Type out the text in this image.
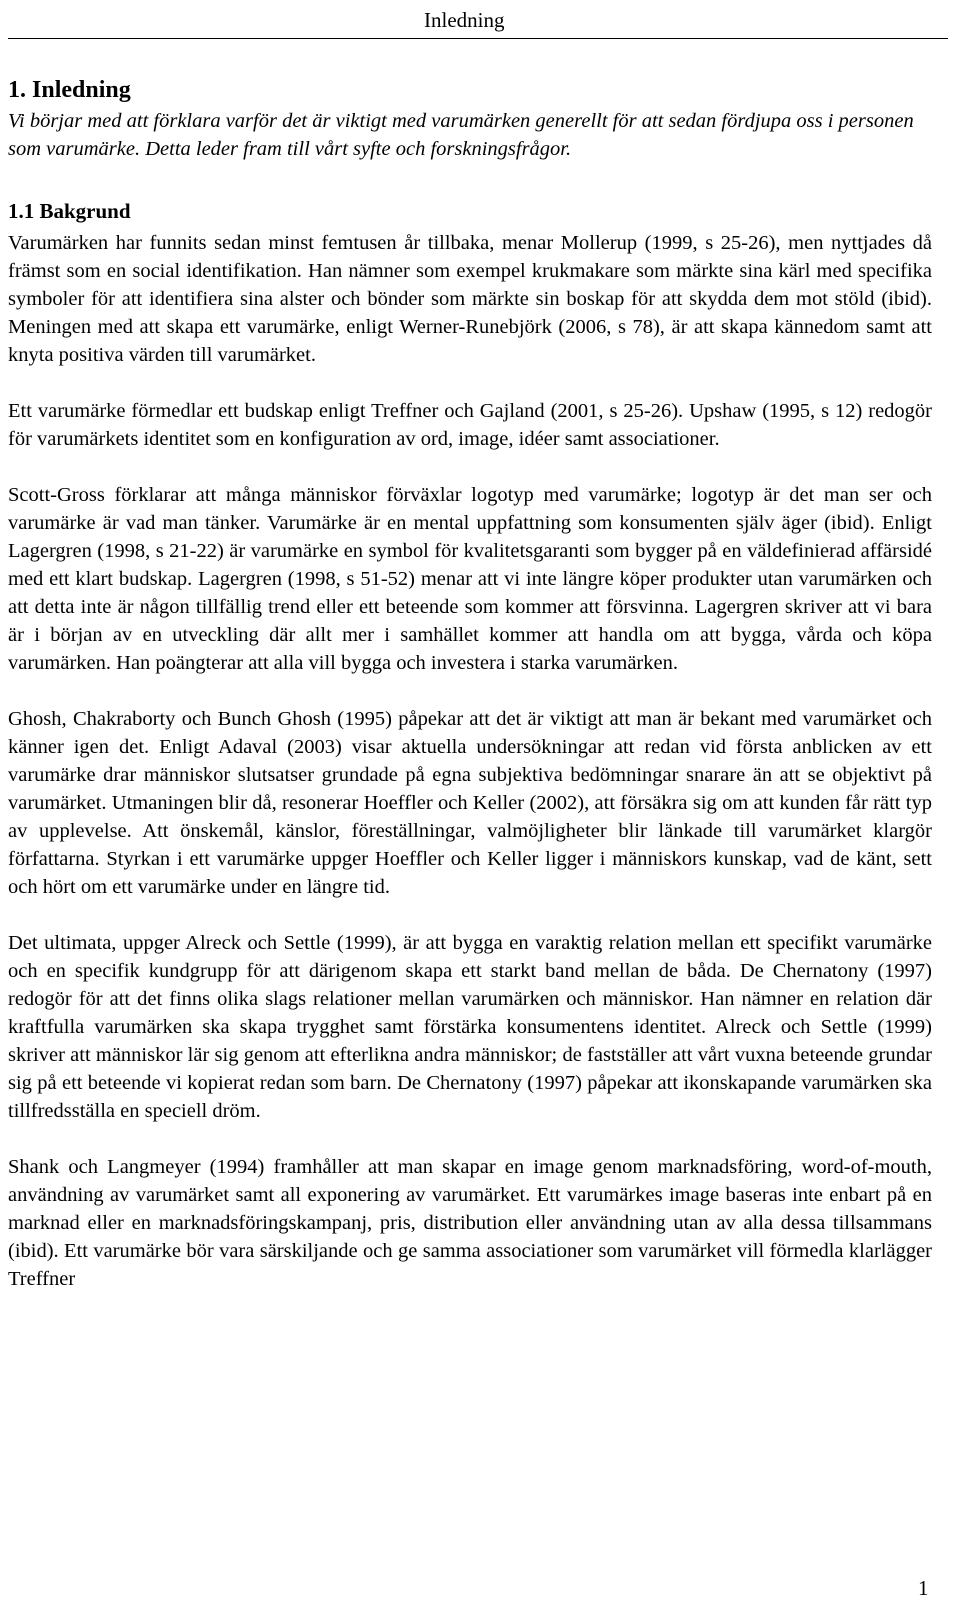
Inledning
1. Inledning

Vi börjar med att förklara varför det är viktigt med varumärken generellt för att sedan fördjupa oss i personen som varumärke. Detta leder fram till vårt syfte och forskningsfrågor.

1.1 Bakgrund

Varumärken har funnits sedan minst femtusen år tillbaka, menar Mollerup (1999, s 25-26), men nyttjades då främst som en social identifikation. Han nämner som exempel krukmakare som märkte sina kärl med specifika symboler för att identifiera sina alster och bönder som märkte sin boskap för att skydda dem mot stöld (ibid). Meningen med att skapa ett varumärke, enligt Werner-Runebjörk (2006, s 78), är att skapa kännedom samt att knyta positiva värden till varumärket.

Ett varumärke förmedlar ett budskap enligt Treffner och Gajland (2001, s 25-26). Upshaw (1995, s 12) redogör för varumärkets identitet som en konfiguration av ord, image, idéer samt associationer.

Scott-Gross förklarar att många människor förväxlar logotyp med varumärke; logotyp är det man ser och varumärke är vad man tänker. Varumärke är en mental uppfattning som konsumenten själv äger (ibid). Enligt Lagergren (1998, s 21-22) är varumärke en symbol för kvalitetsgaranti som bygger på en väldefinierad affärsidé med ett klart budskap. Lagergren (1998, s 51-52) menar att vi inte längre köper produkter utan varumärken och att detta inte är någon tillfällig trend eller ett beteende som kommer att försvinna. Lagergren skriver att vi bara är i början av en utveckling där allt mer i samhället kommer att handla om att bygga, vårda och köpa varumärken. Han poängterar att alla vill bygga och investera i starka varumärken.

Ghosh, Chakraborty och Bunch Ghosh (1995) påpekar att det är viktigt att man är bekant med varumärket och känner igen det. Enligt Adaval (2003) visar aktuella undersökningar att redan vid första anblicken av ett varumärke drar människor slutsatser grundade på egna subjektiva bedömningar snarare än att se objektivt på varumärket. Utmaningen blir då, resonerar Hoeffler och Keller (2002), att försäkra sig om att kunden får rätt typ av upplevelse. Att önskemål, känslor, föreställningar, valmöjligheter blir länkade till varumärket klargör författarna. Styrkan i ett varumärke uppger Hoeffler och Keller ligger i människors kunskap, vad de känt, sett och hört om ett varumärke under en längre tid.

Det ultimata, uppger Alreck och Settle (1999), är att bygga en varaktig relation mellan ett specifikt varumärke och en specifik kundgrupp för att därigenom skapa ett starkt band mellan de båda. De Chernatony (1997) redogör för att det finns olika slags relationer mellan varumärken och människor. Han nämner en relation där kraftfulla varumärken ska skapa trygghet samt förstärka konsumentens identitet. Alreck och Settle (1999) skriver att människor lär sig genom att efterlikna andra människor; de fastställer att vårt vuxna beteende grundar sig på ett beteende vi kopierat redan som barn. De Chernatony (1997) påpekar att ikonskapande varumärken ska tillfredsställa en speciell dröm.

Shank och Langmeyer (1994) framhåller att man skapar en image genom marknadsföring, word-of-mouth, användning av varumärket samt all exponering av varumärket. Ett varumärkes image baseras inte enbart på en marknad eller en marknadsföringskampanj, pris, distribution eller användning utan av alla dessa tillsammans (ibid). Ett varumärke bör vara särskiljande och ge samma associationer som varumärket vill förmedla klarlägger Treffner

1
